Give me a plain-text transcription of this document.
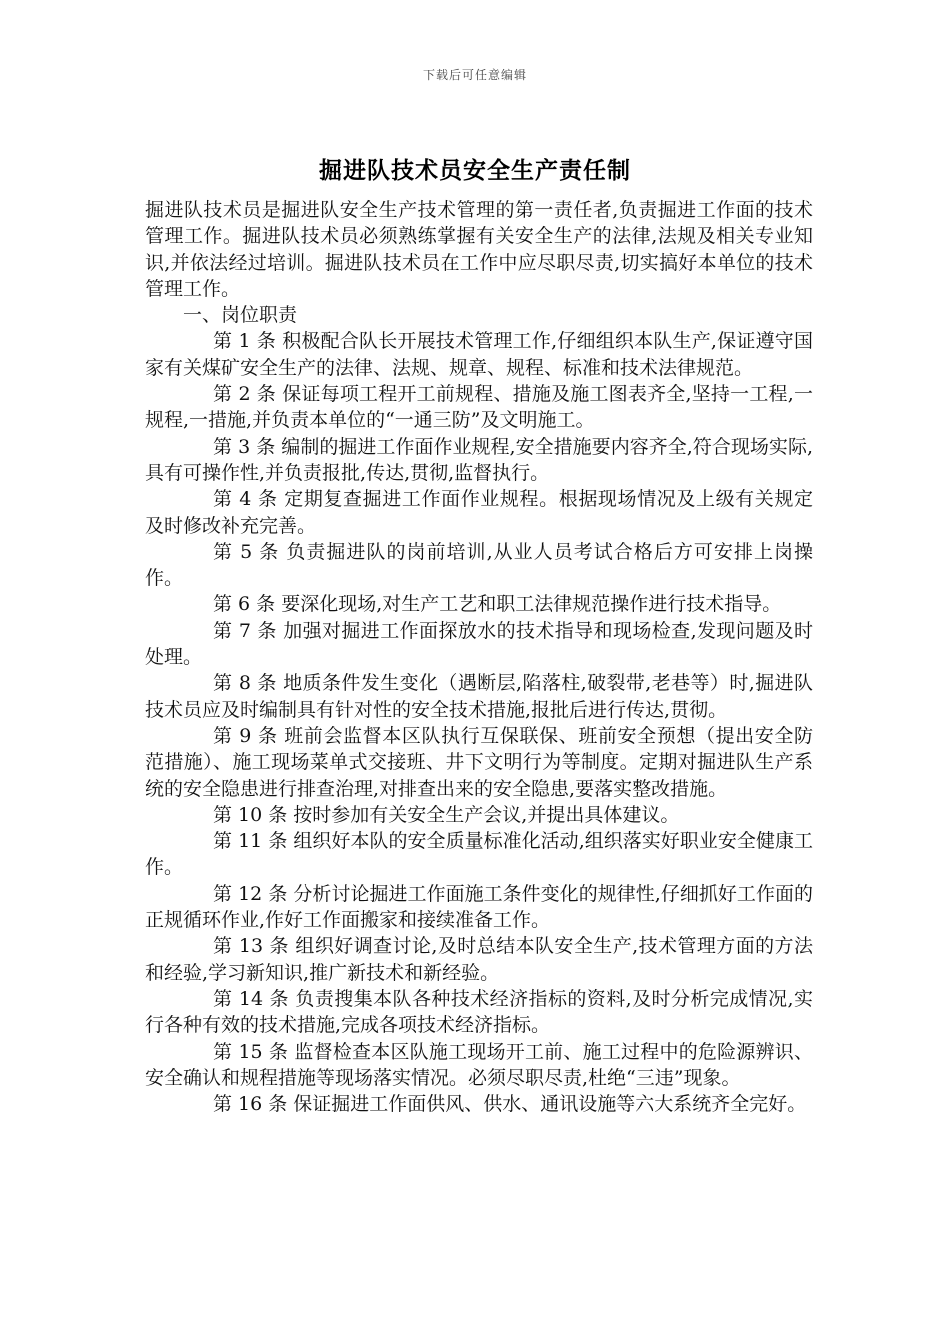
下载后可任意编辑
掘进队技术员安全生产责任制

掘进队技术员是掘进队安全生产技术管理的第一责任者,负责掘进工作面的技术管理工作。掘进队技术员必须熟练掌握有关安全生产的法律,法规及相关专业知识,并依法经过培训。掘进队技术员在工作中应尽职尽责,切实搞好本单位的技术管理工作。

一、岗位职责

第 1 条 积极配合队长开展技术管理工作,仔细组织本队生产,保证遵守国家有关煤矿安全生产的法律、法规、规章、规程、标准和技术法律规范。

第 2 条 保证每项工程开工前规程、措施及施工图表齐全,坚持一工程,一规程,一措施,并负责本单位的“一通三防”及文明施工。

第 3 条 编制的掘进工作面作业规程,安全措施要内容齐全,符合现场实际,具有可操作性,并负责报批,传达,贯彻,监督执行。

第 4 条 定期复查掘进工作面作业规程。根据现场情况及上级有关规定及时修改补充完善。

第 5 条 负责掘进队的岗前培训,从业人员考试合格后方可安排上岗操作。

第 6 条 要深化现场,对生产工艺和职工法律规范操作进行技术指导。

第 7 条 加强对掘进工作面探放水的技术指导和现场检查,发现问题及时处理。

第 8 条 地质条件发生变化（遇断层,陷落柱,破裂带,老巷等）时,掘进队技术员应及时编制具有针对性的安全技术措施,报批后进行传达,贯彻。

第 9 条 班前会监督本区队执行互保联保、班前安全预想（提出安全防范措施）、施工现场菜单式交接班、井下文明行为等制度。定期对掘进队生产系统的安全隐患进行排查治理,对排查出来的安全隐患,要落实整改措施。

第 10 条 按时参加有关安全生产会议,并提出具体建议。

第 11 条 组织好本队的安全质量标准化活动,组织落实好职业安全健康工作。

第 12 条 分析讨论掘进工作面施工条件变化的规律性,仔细抓好工作面的正规循环作业,作好工作面搬家和接续准备工作。

第 13 条 组织好调查讨论,及时总结本队安全生产,技术管理方面的方法和经验,学习新知识,推广新技术和新经验。

第 14 条 负责搜集本队各种技术经济指标的资料,及时分析完成情况,实行各种有效的技术措施,完成各项技术经济指标。

第 15 条 监督检查本区队施工现场开工前、施工过程中的危险源辨识、安全确认和规程措施等现场落实情况。必须尽职尽责,杜绝“三违”现象。

第 16 条 保证掘进工作面供风、供水、通讯设施等六大系统齐全完好。
